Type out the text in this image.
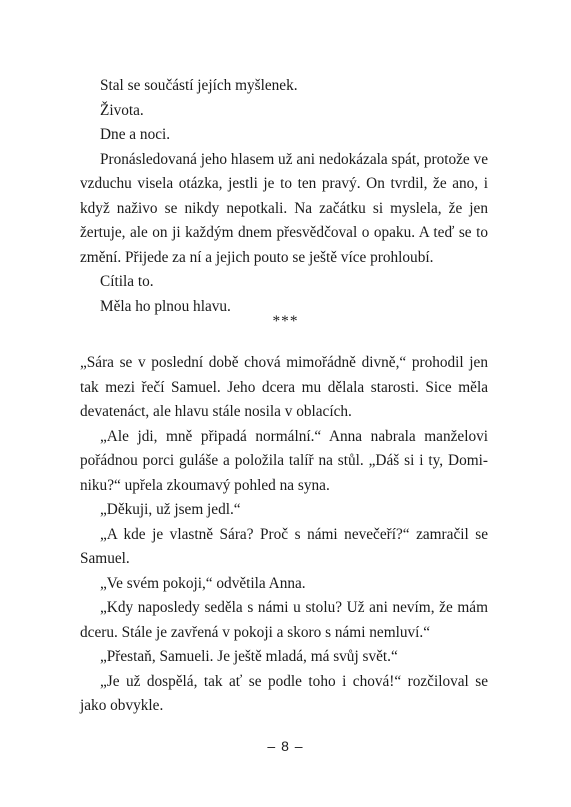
Stal se součástí jejích myšlenek.

Života.

Dne a noci.

Pronásledovaná jeho hlasem už ani nedokázala spát, protože ve vzduchu visela otázka, jestli je to ten pravý. On tvrdil, že ano, i když naživo se nikdy nepotkali. Na začátku si myslela, že jen žertuje, ale on ji každým dnem přesvědčoval o opaku. A teď se to změní. Přijede za ní a jejich pouto se ještě více prohloubí.

Cítila to.

Měla ho plnou hlavu.

***

„Sára se v poslední době chová mimořádně divně,“ prohodil jen tak mezi řečí Samuel. Jeho dcera mu dělala starosti. Sice měla devatenáct, ale hlavu stále nosila v oblacích.

„Ale jdi, mně připadá normální.“ Anna nabrala manželovi pořádnou porci guláše a položila talíř na stůl. „Dáš si i ty, Dominiku?“ upřela zkoumavý pohled na syna.

„Děkuji, už jsem jedl.“

„A kde je vlastně Sára? Proč s námi nevečeří?“ zamračil se Samuel.

„Ve svém pokoji,“ odvětila Anna.

„Kdy naposledy seděla s námi u stolu? Už ani nevím, že mám dceru. Stále je zavřená v pokoji a skoro s námi nemluví.“

„Přestaň, Samueli. Je ještě mladá, má svůj svět.“

„Je už dospělá, tak ať se podle toho i chová!“ rozčiloval se jako obvykle.

– 8 –
